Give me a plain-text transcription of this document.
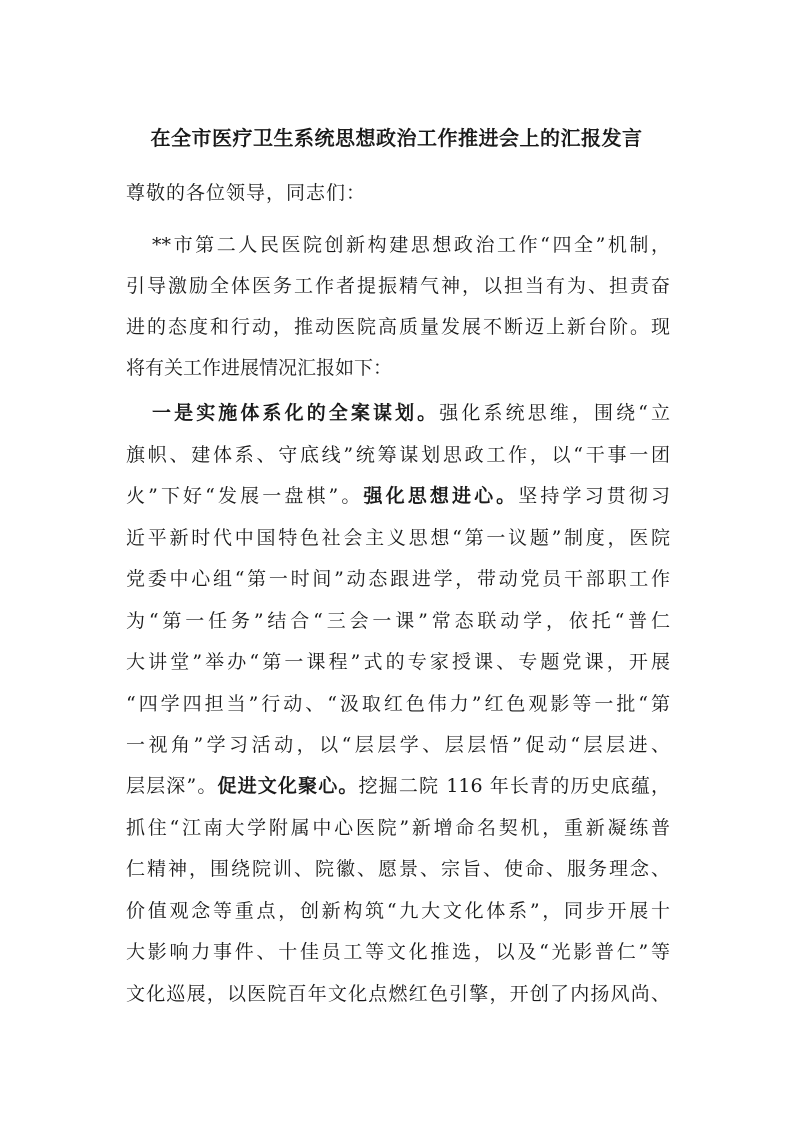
在全市医疗卫生系统思想政治工作推进会上的汇报发言
尊敬的各位领导，同志们：
**市第二人民医院创新构建思想政治工作“四全”机制，
引导激励全体医务工作者提振精气神，以担当有为、担责奋
进的态度和行动，推动医院高质量发展不断迈上新台阶。现
将有关工作进展情况汇报如下：
一是实施体系化的全案谋划。强化系统思维，围绕“立
旗帜、建体系、守底线”统筹谋划思政工作，以“干事一团
火”下好“发展一盘棋”。强化思想进心。坚持学习贯彻习
近平新时代中国特色社会主义思想“第一议题”制度，医院
党委中心组“第一时间”动态跟进学，带动党员干部职工作
为“第一任务”结合“三会一课”常态联动学，依托“普仁
大讲堂”举办“第一课程”式的专家授课、专题党课，开展
“四学四担当”行动、“汲取红色伟力”红色观影等一批“第
一视角”学习活动，以“层层学、层层悟”促动“层层进、
层层深”。促进文化聚心。挖掘二院 116 年长青的历史底蕴，
抓住“江南大学附属中心医院”新增命名契机，重新凝练普
仁精神，围绕院训、院徽、愿景、宗旨、使命、服务理念、
价值观念等重点，创新构筑“九大文化体系”，同步开展十
大影响力事件、十佳员工等文化推选，以及“光影普仁”等
文化巡展，以医院百年文化点燃红色引擎，开创了内扬风尚、
